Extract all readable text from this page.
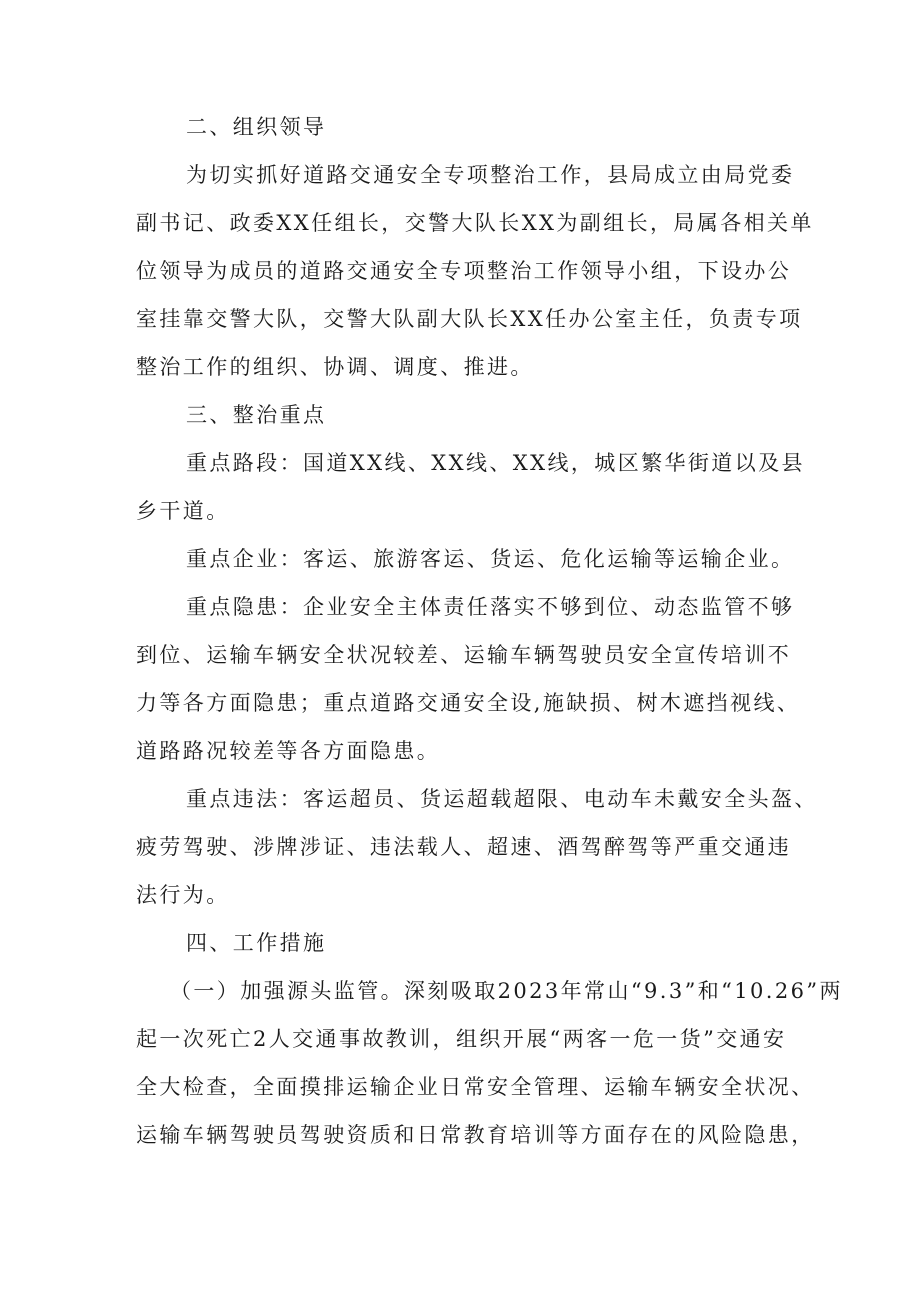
二、组织领导
为切实抓好道路交通安全专项整治工作，县局成立由局党委
副书记、政委XX任组长，交警大队长XX为副组长，局属各相关单
位领导为成员的道路交通安全专项整治工作领导小组，下设办公
室挂靠交警大队，交警大队副大队长XX任办公室主任，负责专项
整治工作的组织、协调、调度、推进。
三、整治重点
重点路段：国道XX线、XX线、XX线，城区繁华街道以及县
乡干道。
重点企业：客运、旅游客运、货运、危化运输等运输企业。
重点隐患：企业安全主体责任落实不够到位、动态监管不够
到位、运输车辆安全状况较差、运输车辆驾驶员安全宣传培训不
力等各方面隐患；重点道路交通安全设,施缺损、树木遮挡视线、
道路路况较差等各方面隐患。
重点违法：客运超员、货运超载超限、电动车未戴安全头盔、
疲劳驾驶、涉牌涉证、违法载人、超速、酒驾醉驾等严重交通违
法行为。
四、工作措施
（一）加强源头监管。深刻吸取2023年常山“9.3”和“10.26”两
起一次死亡2人交通事故教训，组织开展“两客一危一货”交通安
全大检查，全面摸排运输企业日常安全管理、运输车辆安全状况、
运输车辆驾驶员驾驶资质和日常教育培训等方面存在的风险隐患，
